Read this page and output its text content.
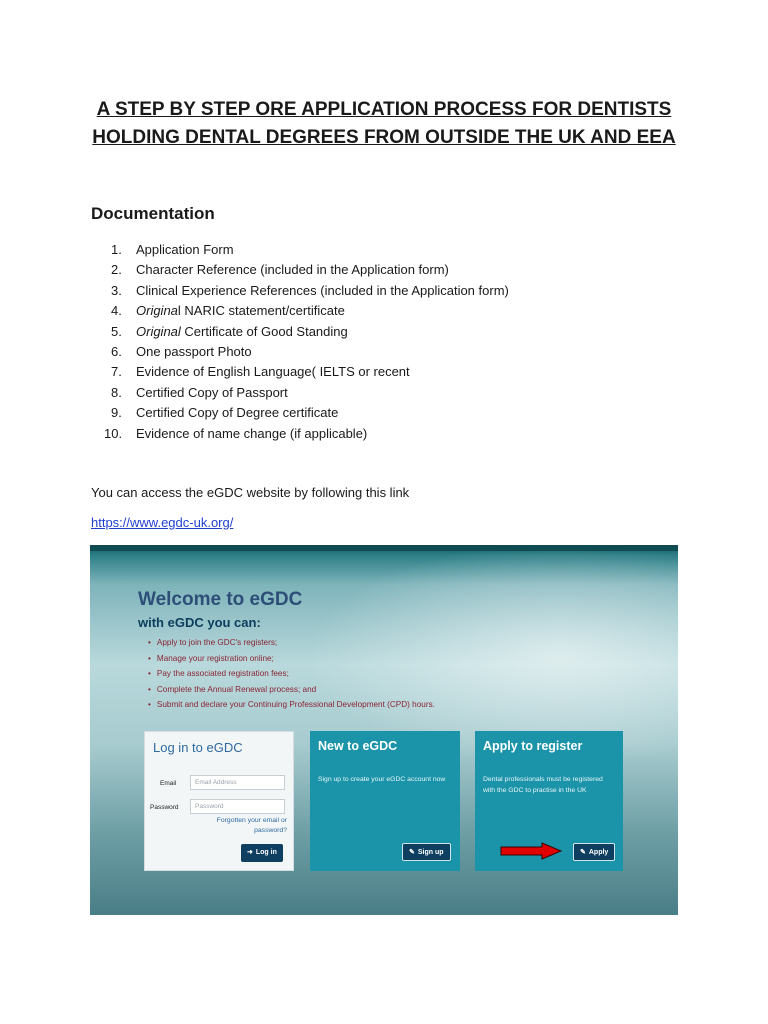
A STEP BY STEP ORE APPLICATION PROCESS FOR DENTISTS
HOLDING DENTAL DEGREES FROM OUTSIDE THE UK AND EEA
Documentation
1. Application Form
2. Character Reference (included in the Application form)
3. Clinical Experience References (included in the Application form)
4. Original NARIC statement/certificate
5. Original Certificate of Good Standing
6. One passport Photo
7. Evidence of English Language( IELTS or recent
8. Certified Copy of Passport
9. Certified Copy of Degree certificate
10. Evidence of name change (if applicable)

You can access the eGDC website by following this link

https://www.egdc-uk.org/
Welcome to eGDC

with eGDC you can:

• Apply to join the GDC's registers;
• Manage your registration online;
• Pay the associated registration fees;
• Complete the Annual Renewal process; and
• Submit and declare your Continuing Professional Development (CPD) hours.
Log in to eGDC
Email
Email Address
Password
Forgotten your email or password?
➜ Log in
New to eGDC

Sign up to create your eGDC account now

✎ Sign up
Apply to register

Dental professionals must be registered with the GDC to practise in the UK

✎ Apply
